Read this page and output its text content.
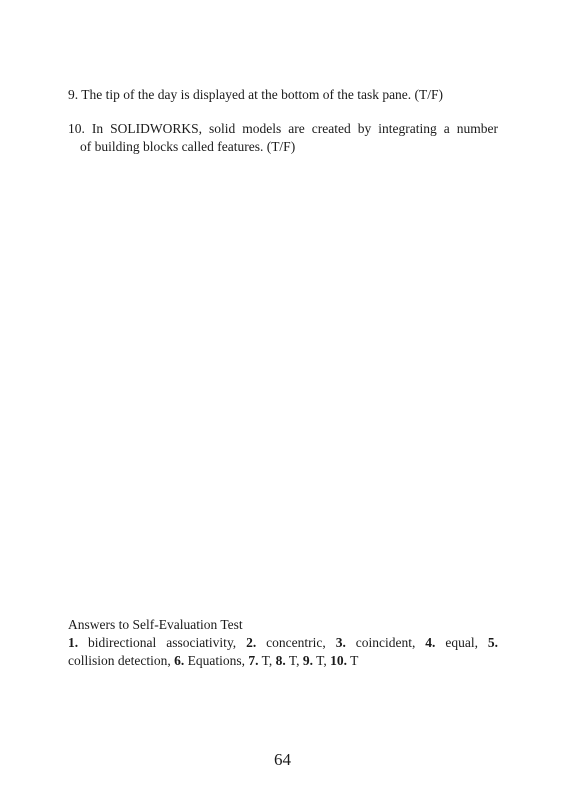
9. The tip of the day is displayed at the bottom of the task pane. (T/F)
10. In SOLIDWORKS, solid models are created by integrating a number
of building blocks called features. (T/F)
Answers to Self-Evaluation Test
1. bidirectional associativity, 2. concentric, 3. coincident, 4. equal, 5.
collision detection, 6. Equations, 7. T, 8. T, 9. T, 10. T
64
